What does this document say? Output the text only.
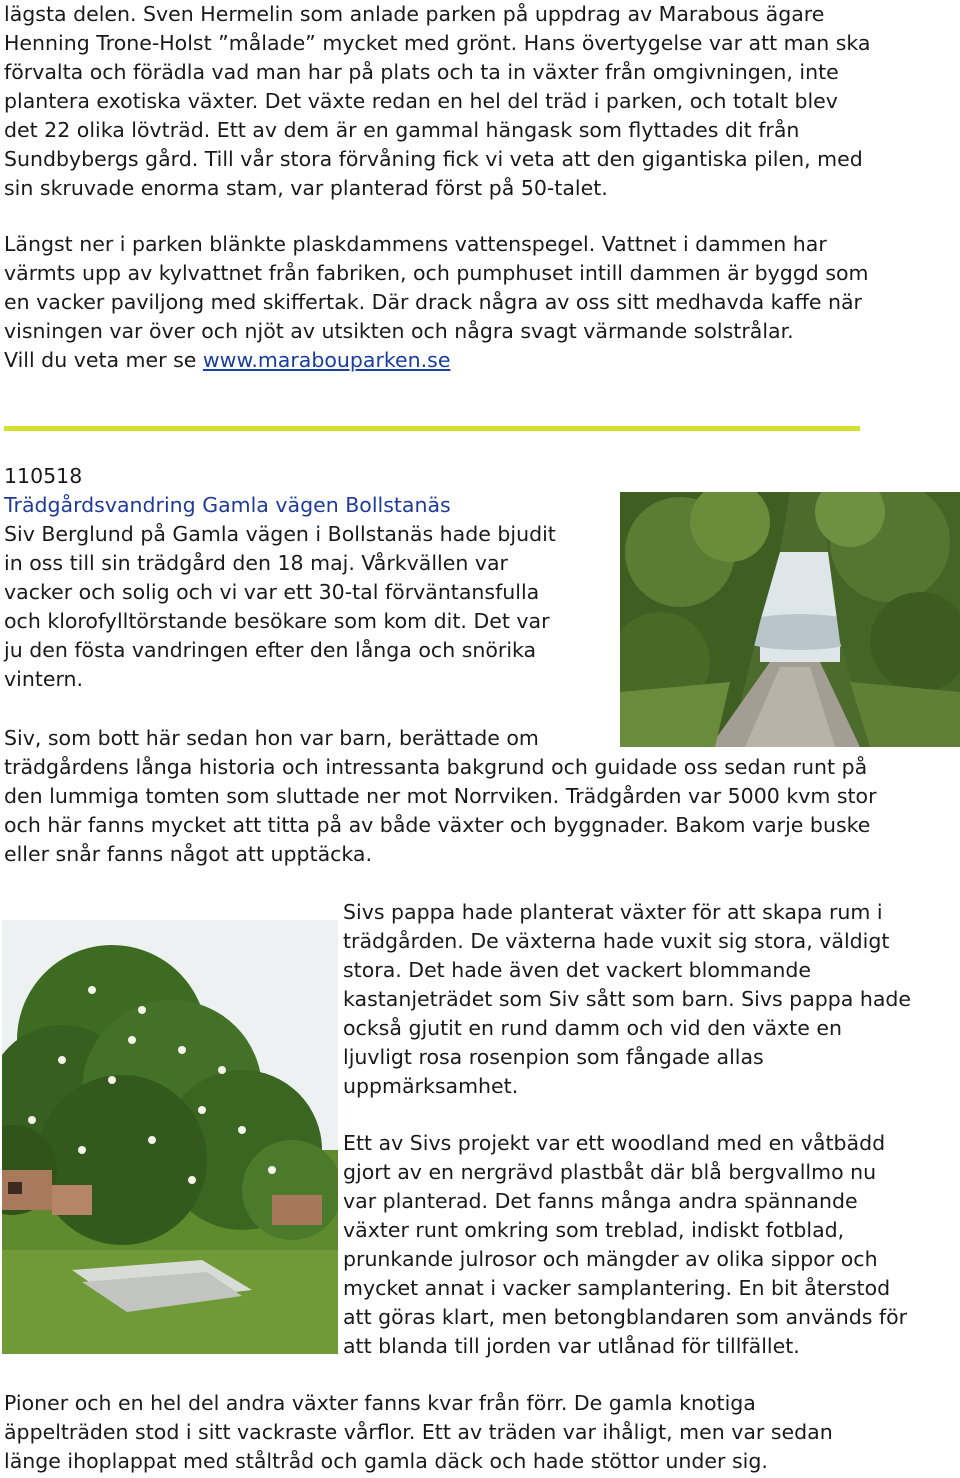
lägsta delen. Sven Hermelin som anlade parken på uppdrag av Marabous ägare
Henning Trone-Holst ”målade” mycket med grönt. Hans övertygelse var att man ska
förvalta och förädla vad man har på plats och ta in växter från omgivningen, inte
plantera exotiska växter. Det växte redan en hel del träd i parken, och totalt blev
det 22 olika lövträd. Ett av dem är en gammal hängask som flyttades dit från
Sundbybergs gård. Till vår stora förvåning fick vi veta att den gigantiska pilen, med
sin skruvade enorma stam, var planterad först på 50-talet.
Längst ner i parken blänkte plaskdammens vattenspegel. Vattnet i dammen har
värmts upp av kylvattnet från fabriken, och pumphuset intill dammen är byggd som
en vacker paviljong med skiffertak. Där drack några av oss sitt medhavda kaffe när
visningen var över och njöt av utsikten och några svagt värmande solstrålar.
Vill du veta mer se www.marabouparken.se
110518
Trädgårdsvandring Gamla vägen Bollstanäs
Siv Berglund på Gamla vägen i Bollstanäs hade bjudit
in oss till sin trädgård den 18 maj. Vårkvällen var
vacker och solig och vi var ett 30-tal förväntansfulla
och klorofylltörstande besökare som kom dit. Det var
ju den fösta vandringen efter den långa och snörika
vintern.
Siv, som bott här sedan hon var barn, berättade om
trädgårdens långa historia och intressanta bakgrund och guidade oss sedan runt på
den lummiga tomten som sluttade ner mot Norrviken. Trädgården var 5000 kvm stor
och här fanns mycket att titta på av både växter och byggnader. Bakom varje buske
eller snår fanns något att upptäcka.
Sivs pappa hade planterat växter för att skapa rum i
trädgården. De växterna hade vuxit sig stora, väldigt
stora. Det hade även det vackert blommande
kastanjeträdet som Siv sått som barn. Sivs pappa hade
också gjutit en rund damm och vid den växte en
ljuvligt rosa rosenpion som fångade allas
uppmärksamhet.
Ett av Sivs projekt var ett woodland med en våtbädd
gjort av en nergrävd plastbåt där blå bergvallmo nu
var planterad. Det fanns många andra spännande
växter runt omkring som treblad, indiskt fotblad,
prunkande julrosor och mängder av olika sippor och
mycket annat i vacker samplantering. En bit återstod
att göras klart, men betongblandaren som används för
att blanda till jorden var utlånad för tillfället.
Pioner och en hel del andra växter fanns kvar från förr. De gamla knotiga
äppelträden stod i sitt vackraste vårflor. Ett av träden var ihåligt, men var sedan
länge ihoplappat med ståltråd och gamla däck och hade stöttor under sig.
